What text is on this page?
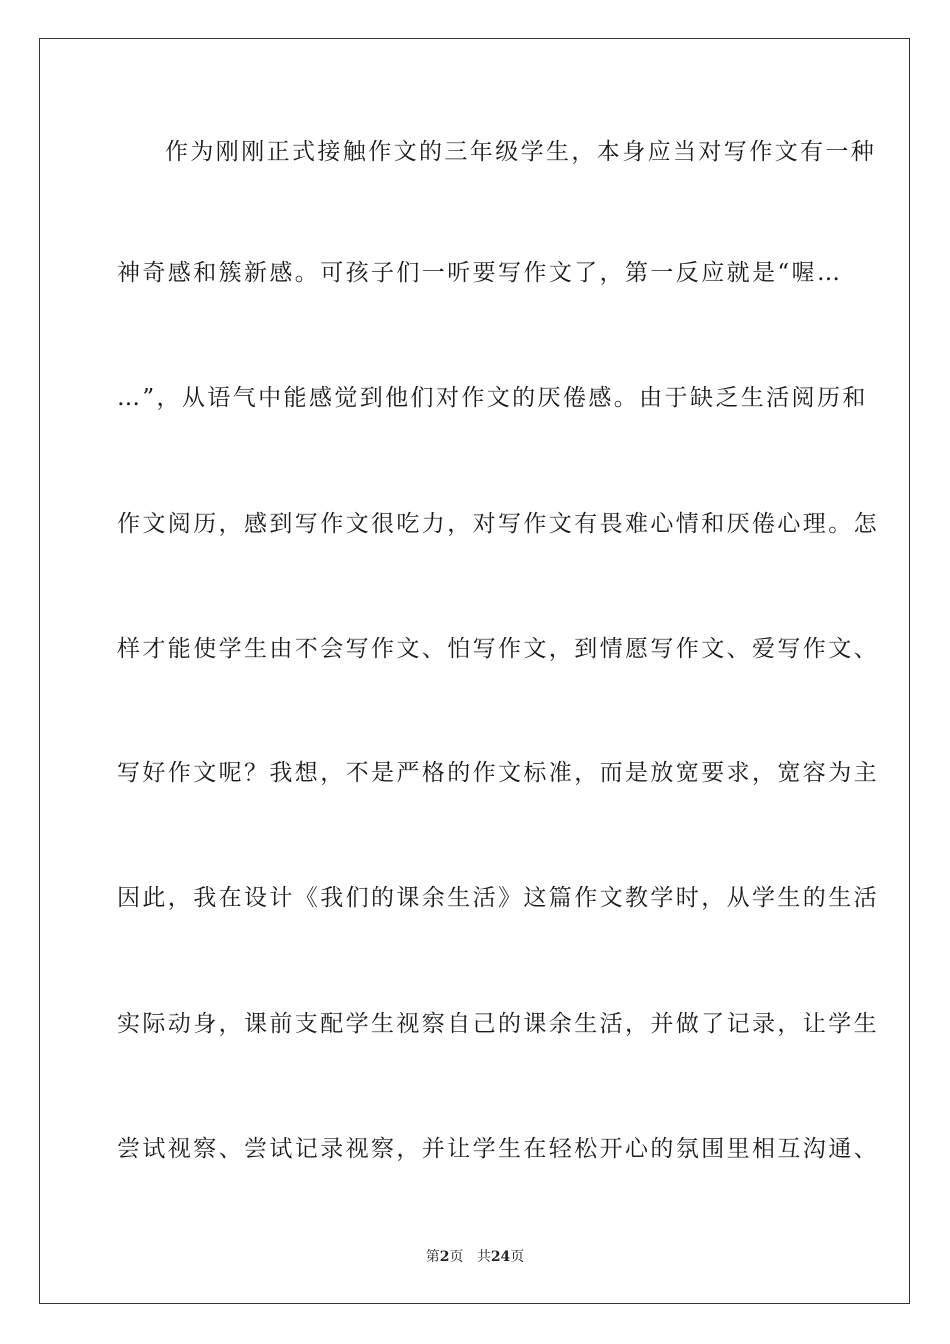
作为刚刚正式接触作文的三年级学生，本身应当对写作文有一种
神奇感和簇新感。可孩子们一听要写作文了，第一反应就是“喔…
…”，从语气中能感觉到他们对作文的厌倦感。由于缺乏生活阅历和
作文阅历，感到写作文很吃力，对写作文有畏难心情和厌倦心理。怎
样才能使学生由不会写作文、怕写作文，到情愿写作文、爱写作文、
写好作文呢？我想，不是严格的作文标准，而是放宽要求，宽容为主
因此，我在设计《我们的课余生活》这篇作文教学时，从学生的生活
实际动身，课前支配学生视察自己的课余生活，并做了记录，让学生
尝试视察、尝试记录视察，并让学生在轻松开心的氛围里相互沟通、
第2页 共24页
